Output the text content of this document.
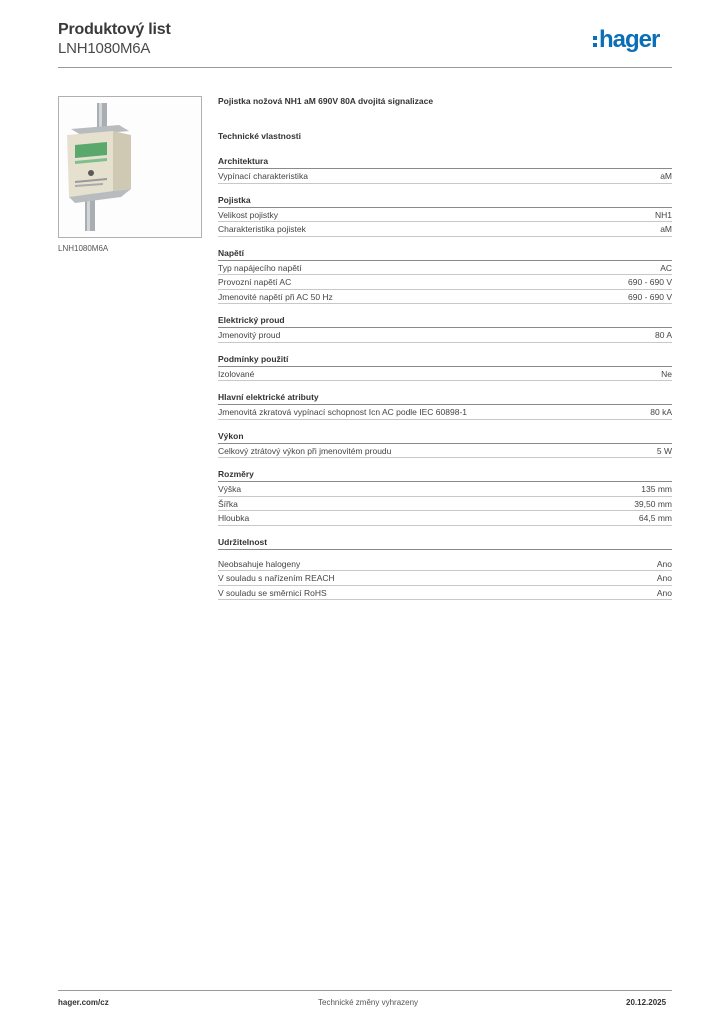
Produktový list
LNH1080M6A	hager
LNH1080M6A
Pojistka nožová NH1 aM 690V 80A dvojitá signalizace
Technické vlastnosti
Architektura
Vypínací charakteristika	aM
Pojistka
Velikost pojistky	NH1
Charakteristika pojistek	aM
Napětí
Typ napájecího napětí	AC
Provozní napětí AC	690 - 690 V
Jmenovité napětí při AC 50 Hz	690 - 690 V
Elektrický proud
Jmenovitý proud	80 A
Podmínky použití
Izolované	Ne
Hlavní elektrické atributy
Jmenovitá zkratová vypínací schopnost Icn AC podle IEC 60898-1	80 kA
Výkon
Celkový ztrátový výkon při jmenovitém proudu	5 W
Rozměry
Výška	135 mm
Šířka	39,50 mm
Hloubka	64,5 mm
Udržitelnost
Neobsahuje halogeny	Ano
V souladu s nařízením REACH	Ano
V souladu se směrnicí RoHS	Ano
hager.com/cz	Technické změny vyhrazeny	20.12.2025
